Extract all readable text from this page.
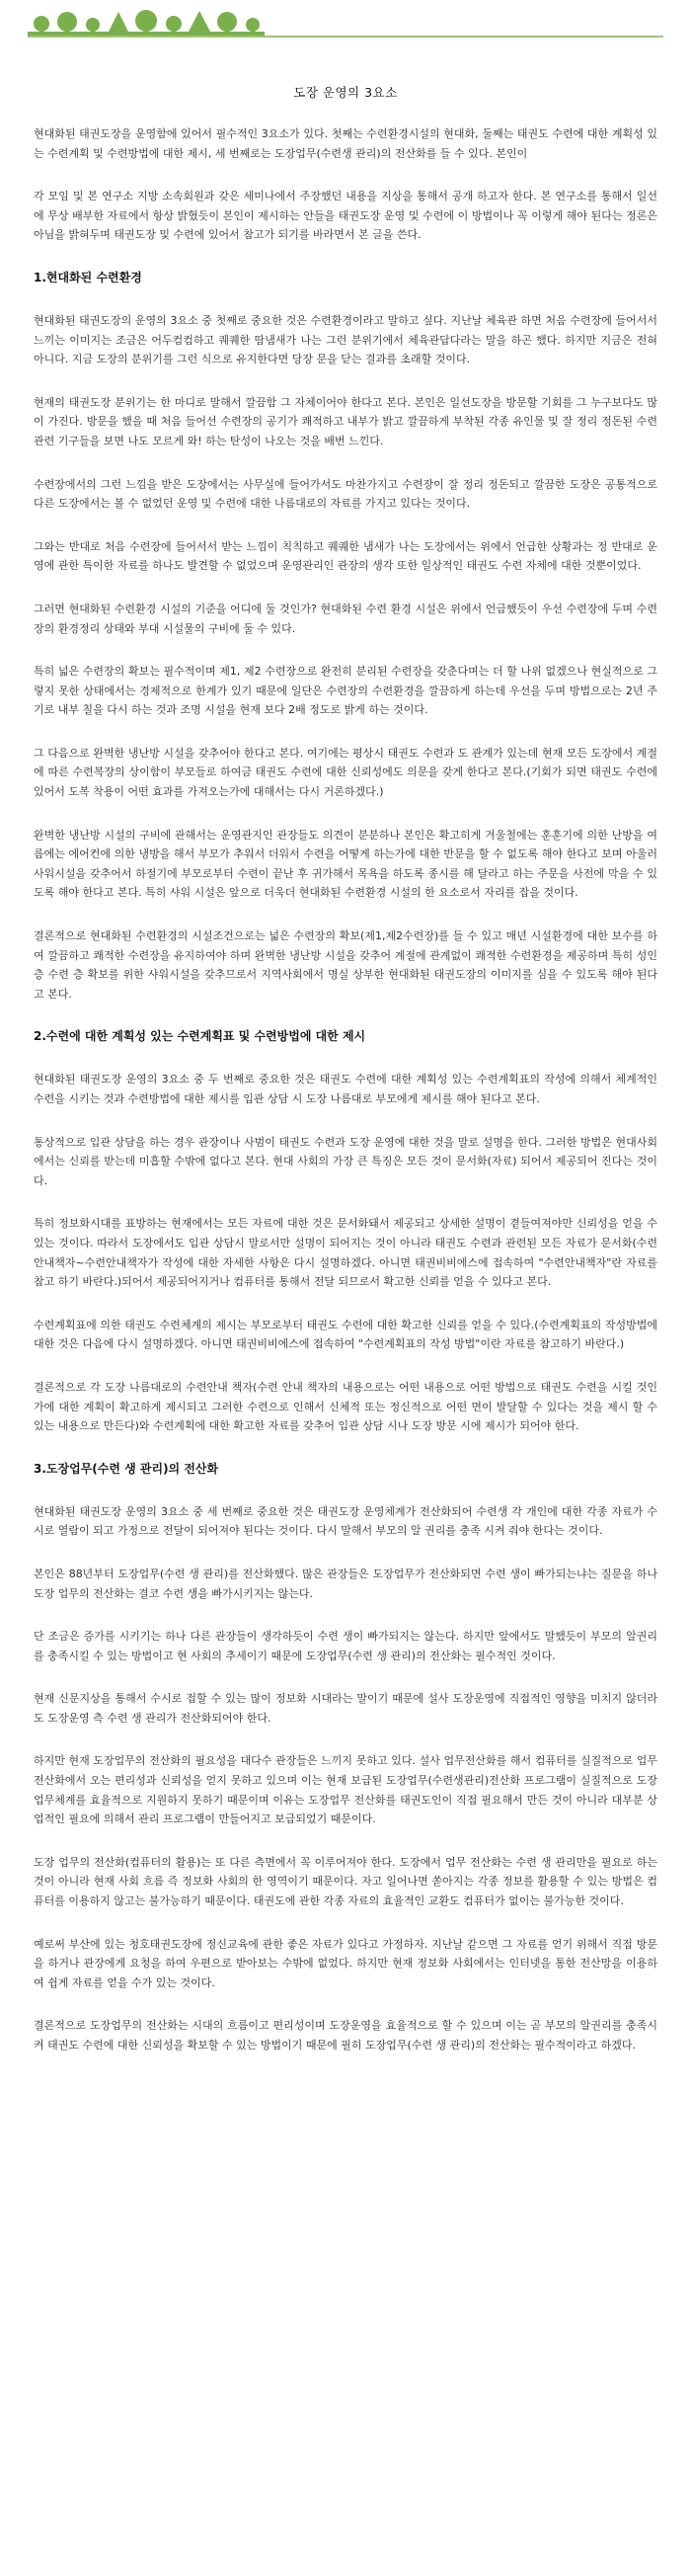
도장 운영의 3요소

현대화된 태권도장을 운영함에 있어서 필수적인 3요소가 있다. 첫째는 수련환경시설의 현대화, 둘째는 태권도 수련에 대한 계획성 있는 수련계획 및 수련방법에 대한 제시, 세 번째로는 도장업무(수련생 관리)의 전산화를 들 수 있다. 본인이

각 모임 및 본 연구소 지방 소속회원과 갖은 세미나에서 주장했던 내용을 지상을 통해서 공개 하고자 한다. 본 연구소를 통해서 일선에 무상 배부한 자료에서 항상 밝혔듯이 본인이 제시하는 안들을 태권도장 운영 및 수련에 이 방법이나 꼭 이렇게 해야 된다는 정론은 아님을 밝혀두며 태권도장 및 수련에 있어서 참고가 되기를 바라면서 본 글을 쓴다.

1.현대화된 수련환경

현대화된 태권도장의 운영의 3요소 중 첫째로 중요한 것은 수련환경이라고 말하고 싶다. 지난날 체육관 하면 처음 수련장에 들어서서 느끼는 이미지는 조금은 어두컴컴하고 퀘퀘한 땀냄새가 나는 그런 분위기에서 체육관답다라는 말을 하곤 했다. 하지만 지금은 전혀 아니다. 지금 도장의 분위기를 그런 식으로 유지한다면 당장 문을 닫는 결과를 초래할 것이다.

현재의 태권도장 분위기는 한 마디로 말해서 깔끔함 그 자체이어야 한다고 본다. 본인은 일선도장을 방문할 기회를 그 누구보다도 많이 가진다. 방문을 했을 때 처음 들어선 수련장의 공기가 쾌적하고 내부가 밝고 깔끔하게 부착된 각종 유인물 및 잘 정리 정돈된 수련관련 기구들을 보면 나도 모르게 와! 하는 탄성이 나오는 것을 배번 느낀다.

수련장에서의 그런 느낌을 받은 도장에서는 사무실에 들어가서도 마찬가지고 수련장이 잘 정리 정돈되고 깔끔한 도장은 공통적으로 다른 도장에서는 볼 수 없었던 운영 및 수련에 대한 나름대로의 자료를 가지고 있다는 것이다.

그와는 반대로 처음 수련장에 들어서서 받는 느낌이 칙칙하고 퀘퀘한 냄새가 나는 도장에서는 위에서 언급한 상황과는 정 반대로 운영에 관한 특이한 자료를 하나도 발견할 수 없었으며 운영관리인 관장의 생각 또한 일상적인 태권도 수련 자체에 대한 것뿐이었다.

그러면 현대화된 수련환경 시설의 기준을 어디에 둘 것인가? 현대화된 수련 환경 시설은 위에서 언급했듯이 우선 수련장에 두며 수련장의 환경정리 상태와 부대 시설물의 구비에 둘 수 있다.

특히 넓은 수련장의 확보는 필수적이며 제1, 제2 수련장으로 완전히 분리된 수련장을 갖춘다며는 더 할 나위 없겠으나 현실적으로 그렇지 못한 상태에서는 경제적으로 한계가 있기 때문에 일단은 수련장의 수련환경을 깔끔하게 하는데 우선을 두며 방법으로는 2년 주기로 내부 칠을 다시 하는 것과 조명 시설을 현재 보다 2배 정도로 밝게 하는 것이다.

그 다음으로 완벽한 냉난방 시설을 갖추어야 한다고 본다. 여기에는 평상시 태권도 수련과 도 관계가 있는데 현재 모든 도장에서 계절에 따른 수련복장의 상이함이 부모들로 하여금 태권도 수련에 대한 신뢰성에도 의문을 갖게 한다고 본다.(기회가 되면 태권도 수련에 있어서 도복 착용이 어떤 효과를 가져오는가에 대해서는 다시 거론하겠다.)

완벽한 냉난방 시설의 구비에 관해서는 운영관지인 관장들도 의견이 분분하나 본인은 확고히게 겨울철에는 훈훈기에 의한 난방을 여름에는 에어컨에 의한 냉방을 해서 부모가 추워서 더워서 수련을 어떻게 하는가에 대한 반문을 할 수 없도록 해야 한다고 보며 아울러 사워시설을 갖추어서 하절기에 부모로부터 수련이 끝난 후 귀가해서 목욕을 하도록 종시를 해 달라고 하는 주문을 사전에 막을 수 있도록 해야 한다고 본다. 특히 샤워 시설은 앞으로 더욱더 현대화된 수련환경 시설의 한 요소로서 자리를 잡을 것이다.

결론적으로 현대화된 수련환경의 시설조건으로는 넓은 수련장의 확보(제1,제2수련장)를 들 수 있고 매년 시설환경에 대한 보수를 하여 깔끔하고 쾌적한 수련장을 유지하여야 하며 완벽한 냉난방 시설을 갖추어 계절에 관계없이 쾌적한 수련환경을 제공하며 특히 성인 층 수련 층 확보를 위한 샤워시설을 갖추므로서 지역사회에서 명실 상부한 현대화된 태권도장의 이미지를 심을 수 있도록 해야 된다고 본다.

2.수련에 대한 계획성 있는 수련계획표 및 수련방법에 대한 제시

현대화된 태권도장 운영의 3요소 중 두 번째로 중요한 것은 태권도 수련에 대한 계획성 있는 수련계획표의 작성에 의해서 체계적인 수련을 시키는 것과 수련방법에 대한 제시를 입관 상담 시 도장 나름대로 부모에게 제시를 해야 된다고 본다.

통상적으로 입관 상담을 하는 경우 관장이나 사범이 태권도 수련과 도장 운영에 대한 것을 말로 설명을 한다. 그러한 방법은 현대사회에서는 신뢰를 받는데 미흡할 수밖에 없다고 본다. 현대 사회의 가장 큰 특징은 모든 것이 문서화(자료) 되어서 제공되어 진다는 것이다.

특히 정보화시대를 표방하는 현재에서는 모든 자료에 대한 것은 문서화돼서 제공되고 상세한 설명이 곁들여져야만 신뢰성을 얻을 수 있는 것이다. 따라서 도장에서도 입관 상담시 말로서만 설명이 되어지는 것이 아니라 태권도 수련과 관련된 모든 자료가 문서화(수련 안내책자~수련안내책자가 작성에 대한 자세한 사항은 다시 설명하겠다. 아니면 태권비비에스에 접속하여 "수련안내책자"란 자료를 참고 하기 바란다.)되어서 제공되어지거나 컴퓨터를 통해서 전달 되므로서 확고한 신뢰를 얻을 수 있다고 본다.

수련계획표에 의한 태권도 수련체계의 제시는 부모로부터 태권도 수련에 대한 확고한 신뢰를 얻을 수 있다.(수련계획표의 작성방법에 대한 것은 다음에 다시 설명하겠다. 아니면 태권비비에스에 접속하여 "수련계획표의 작성 방법"이란 자료를 참고하기 바란다.)

결론적으로 각 도장 나름대로의 수련안내 책자(수련 안내 책자의 내용으로는 어떤 내용으로 어떤 방법으로 태권도 수련을 시킬 것인가에 대한 계획이 확고하게 제시되고 그러한 수련으로 인해서 신체적 또는 정신적으로 어떤 면이 발달할 수 있다는 것을 제시 할 수 있는 내용으로 만든다)와 수련계획에 대한 확고한 자료를 갖추어 입관 상담 시나 도장 방문 시에 제시가 되어야 한다.

3.도장업무(수련 생 관리)의 전산화

현대화된 태권도장 운영의 3요소 중 세 번째로 중요한 것은 태권도장 운영체계가 전산화되어 수련생 각 개인에 대한 각종 자료가 수시로 열람이 되고 가정으로 전달이 되어져야 된다는 것이다. 다시 말해서 부모의 알 권리를 충족 시켜 줘야 한다는 것이다.

본인은 88년부터 도장업무(수련 생 관리)를 전산화했다. 많은 관장들은 도장업무가 전산화되면 수련 생이 빠가되는냐는 질문을 하나 도장 업무의 전산화는 결코 수련 생을 빠가시키지는 않는다.

단 조금은 증가를 시키기는 하나 다른 관장들이 생각하듯이 수련 생이 빠가되지는 않는다. 하지만 앞에서도 말했듯이 부모의 알권리를 충족시킬 수 있는 방법이고 현 사회의 추세이기 때문에 도장업무(수련 생 관리)의 전산화는 필수적인 것이다.

현재 신문지상을 통해서 수시로 접할 수 있는 많이 정보화 시대라는 말이기 때문에 설사 도장운영에 직접적인 영향을 미치지 않더라도 도장운영 측 수련 생 관리가 전산화되어야 한다.

하지만 현재 도장업무의 전산화의 필요성을 대다수 관장들은 느끼지 못하고 있다. 설사 업무전산화를 해서 컴퓨터를 실질적으로 업무전산화에서 오는 편리성과 신뢰성을 얻지 못하고 있으며 이는 현재 보급된 도장업무(수련생관리)전산화 프로그램이 실질적으로 도장 업무체계를 효율적으로 지원하지 못하기 때문이며 이유는 도장업무 전산화를 태권도인이 직접 필요해서 만든 것이 아니라 대부분 상업적인 필요에 의해서 관리 프로그램이 만들어지고 보급되었기 때문이다.

도장 업무의 전산화(컴퓨터의 활용)는 또 다른 측면에서 꼭 이루어져야 한다. 도장에서 업무 전산화는 수련 생 관리만을 필요로 하는 것이 아니라 현재 사회 흐름 즉 정보화 사회의 한 영역이기 때문이다. 자고 일어나면 쏟아지는 각종 정보를 활용할 수 있는 방법은 컴퓨터를 이용하지 않고는 불가능하기 때문이다. 태권도에 관한 각종 자료의 효율적인 교환도 컴퓨터가 없이는 불가능한 것이다.

예로써 부산에 있는 청호태권도장에 정신교육에 관한 좋은 자료가 있다고 가정하자. 지난날 같으면 그 자료를 얻기 위해서 직접 방문을 하거나 관장에게 요청을 하여 우편으로 받아보는 수밖에 없었다. 하지만 현재 정보화 사회에서는 인터넷을 통한 전산망을 이용하여 쉽게 자료를 얻을 수가 있는 것이다.

결론적으로 도장업무의 전산화는 시대의 흐름이고 편리성이며 도장운영을 효율적으로 할 수 있으며 이는 곧 부모의 알권리를 충족시켜 태권도 수련에 대한 신뢰성을 확보할 수 있는 방법이기 때문에 필히 도장업무(수련 생 관리)의 전산화는 필수적이라고 하겠다.
